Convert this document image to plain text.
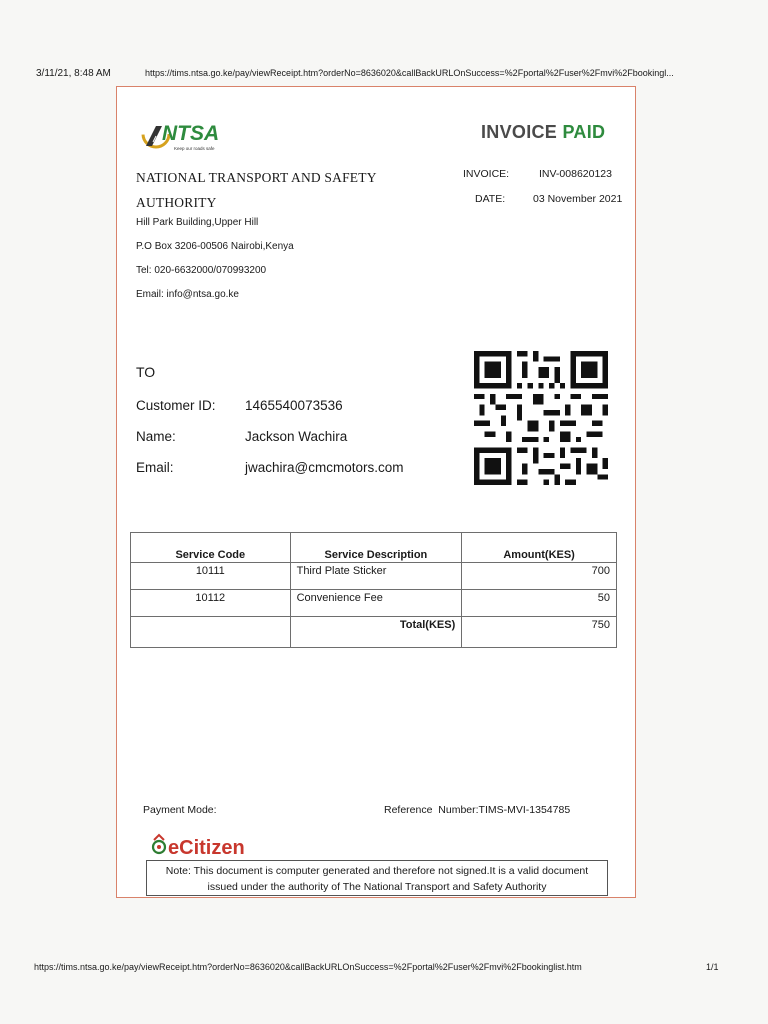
3/11/21, 8:48 AM	https://tims.ntsa.go.ke/pay/viewReceipt.htm?orderNo=8636020&callBackURLOnSuccess=%2Fportal%2Fuser%2Fmvi%2Fbookingl...
https://tims.ntsa.go.ke/pay/viewReceipt.htm?orderNo=8636020&callBackURLOnSuccess=%2Fportal%2Fuser%2Fmvi%2Fbookinglist.htm	1/1
NTSA
Keep our roads safe
INVOICE PAID
NATIONAL TRANSPORT AND SAFETY
AUTHORITY
Hill Park Building,Upper Hill
P.O Box 3206-00506 Nairobi,Kenya
Tel: 020-6632000/070993200
Email: info@ntsa.go.ke
INVOICE:	INV-008620123
DATE:	03 November 2021
TO
Customer ID: 1465540073536
Name:	Jackson Wachira
Email:	jwachira@cmcmotors.com
Service Code	Service Description	Amount(KES)
10111	Third Plate Sticker	700
10112	Convenience Fee	50
	Total(KES)	750
Payment Mode:	Reference  Number:TIMS-MVI-1354785
eCitizen
Note: This document is computer generated and therefore not signed.It is a valid document
issued under the authority of The National Transport and Safety Authority
